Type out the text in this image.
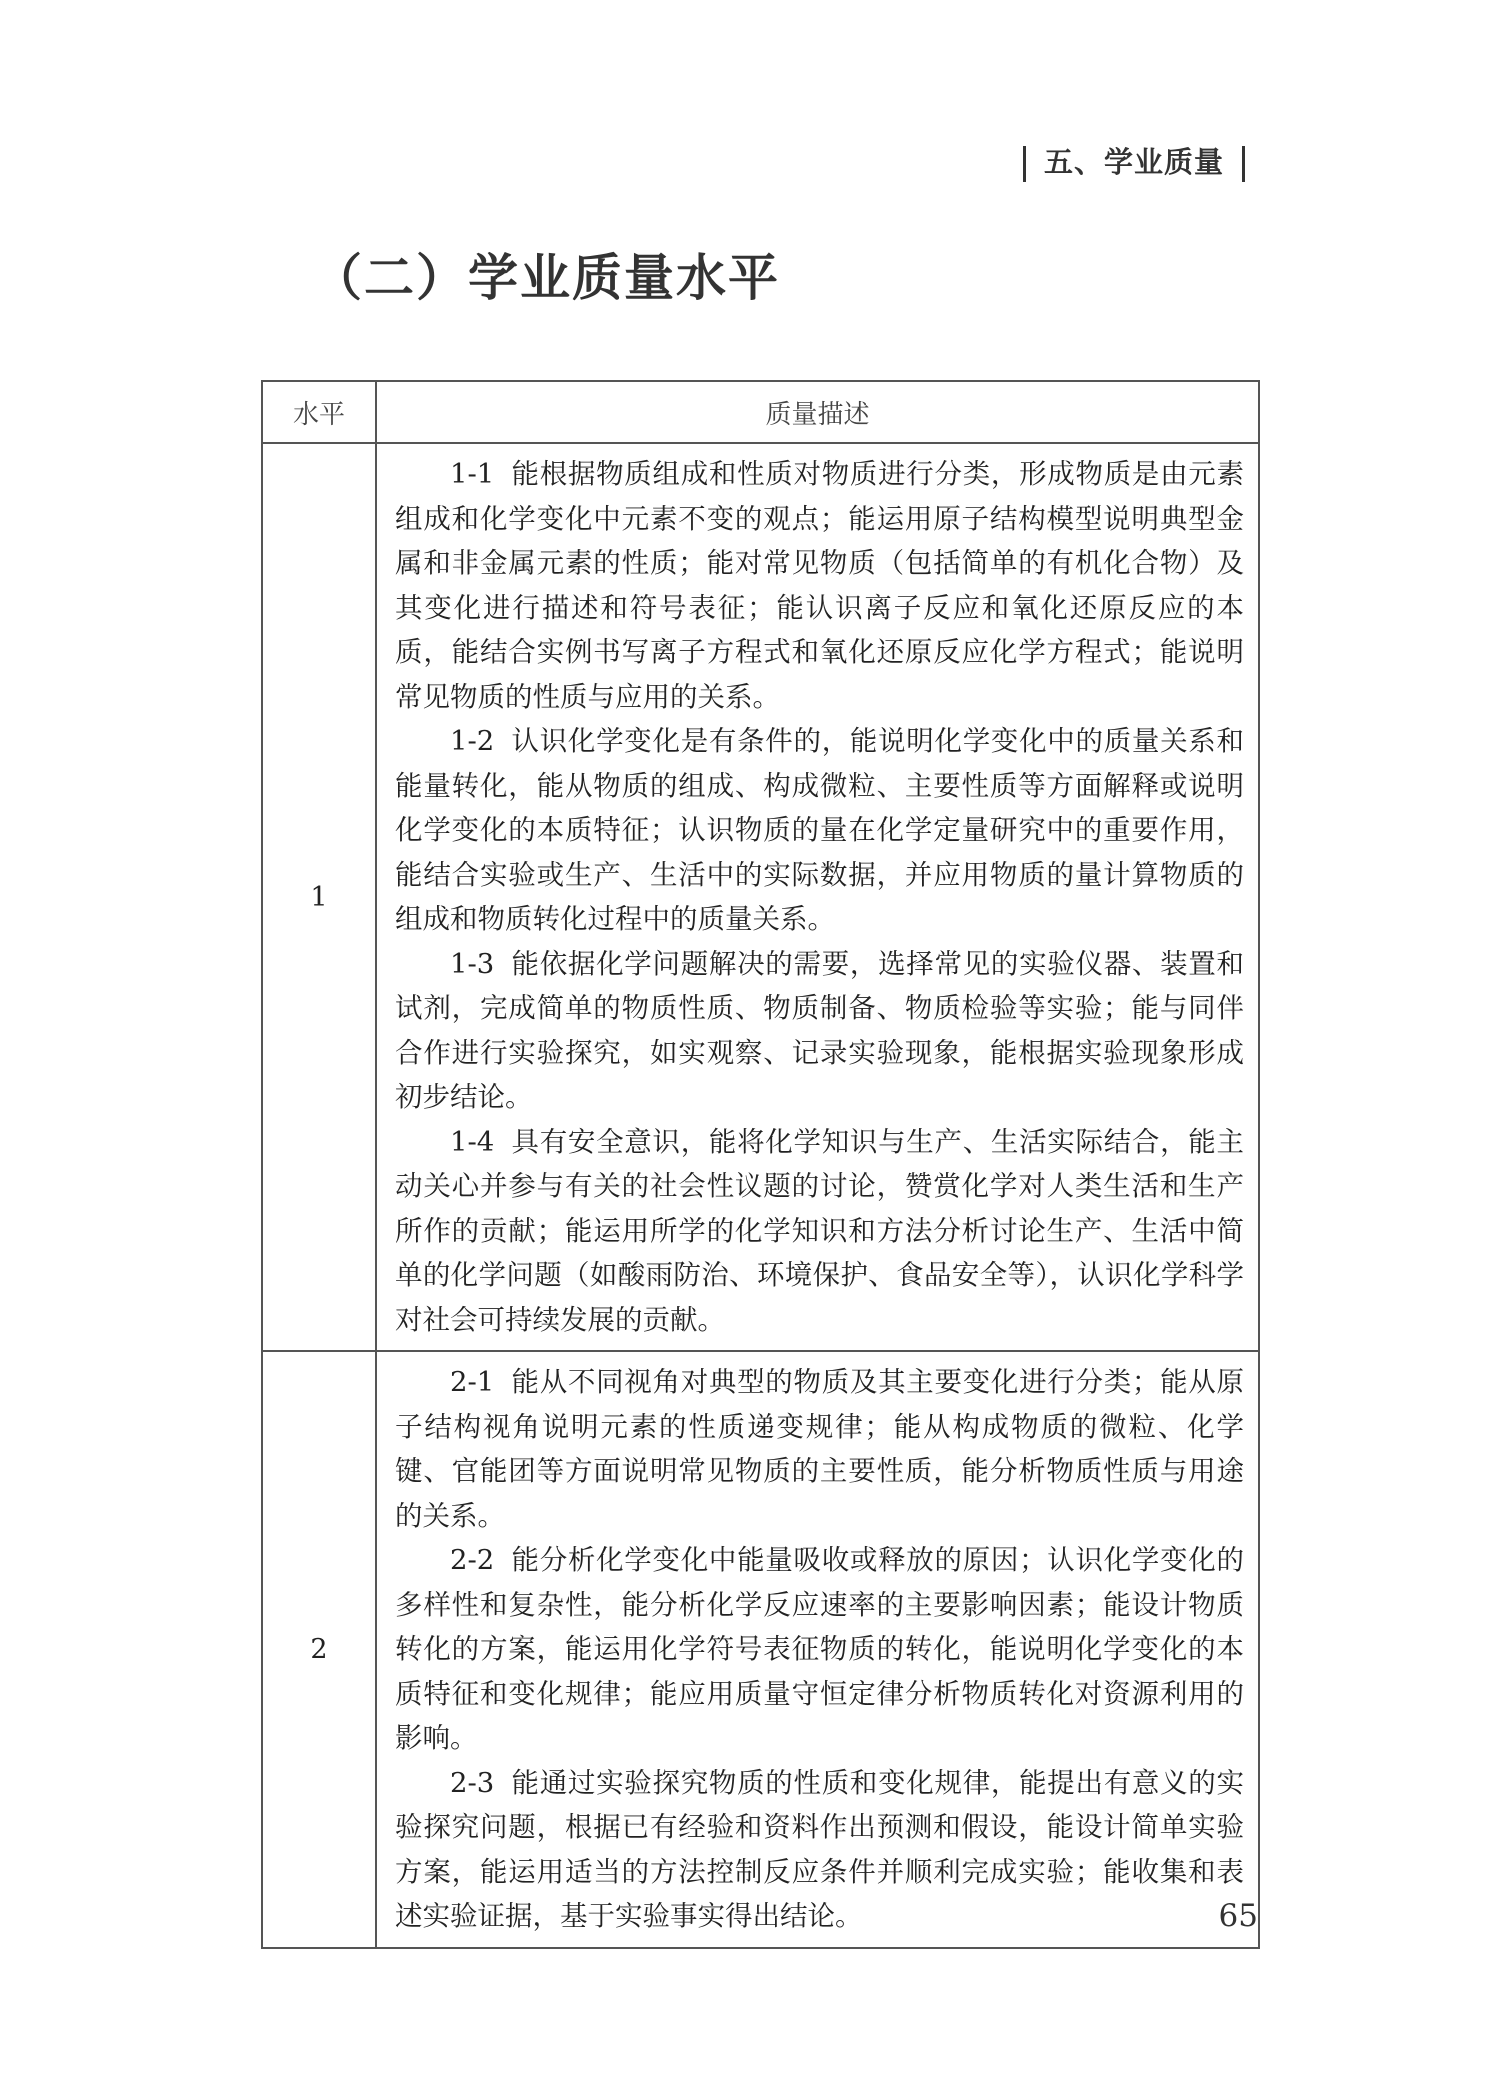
五、学业质量
（二）学业质量水平
水平	质量描述
1	1-1 能根据物质组成和性质对物质进行分类，形成物质是由元素组成和化学变化中元素不变的观点；能运用原子结构模型说明典型金属和非金属元素的性质；能对常见物质（包括简单的有机化合物）及其变化进行描述和符号表征；能认识离子反应和氧化还原反应的本质，能结合实例书写离子方程式和氧化还原反应化学方程式；能说明常见物质的性质与应用的关系。

1-2 认识化学变化是有条件的，能说明化学变化中的质量关系和能量转化，能从物质的组成、构成微粒、主要性质等方面解释或说明化学变化的本质特征；认识物质的量在化学定量研究中的重要作用，能结合实验或生产、生活中的实际数据，并应用物质的量计算物质的组成和物质转化过程中的质量关系。

1-3 能依据化学问题解决的需要，选择常见的实验仪器、装置和试剂，完成简单的物质性质、物质制备、物质检验等实验；能与同伴合作进行实验探究，如实观察、记录实验现象，能根据实验现象形成初步结论。

1-4 具有安全意识，能将化学知识与生产、生活实际结合，能主动关心并参与有关的社会性议题的讨论，赞赏化学对人类生活和生产所作的贡献；能运用所学的化学知识和方法分析讨论生产、生活中简单的化学问题（如酸雨防治、环境保护、食品安全等），认识化学科学对社会可持续发展的贡献。

2	2-1 能从不同视角对典型的物质及其主要变化进行分类；能从原子结构视角说明元素的性质递变规律；能从构成物质的微粒、化学键、官能团等方面说明常见物质的主要性质，能分析物质性质与用途的关系。

2-2 能分析化学变化中能量吸收或释放的原因；认识化学变化的多样性和复杂性，能分析化学反应速率的主要影响因素；能设计物质转化的方案，能运用化学符号表征物质的转化，能说明化学变化的本质特征和变化规律；能应用质量守恒定律分析物质转化对资源利用的影响。

2-3 能通过实验探究物质的性质和变化规律，能提出有意义的实验探究问题，根据已有经验和资料作出预测和假设，能设计简单实验方案，能运用适当的方法控制反应条件并顺利完成实验；能收集和表述实验证据，基于实验事实得出结论。	65
